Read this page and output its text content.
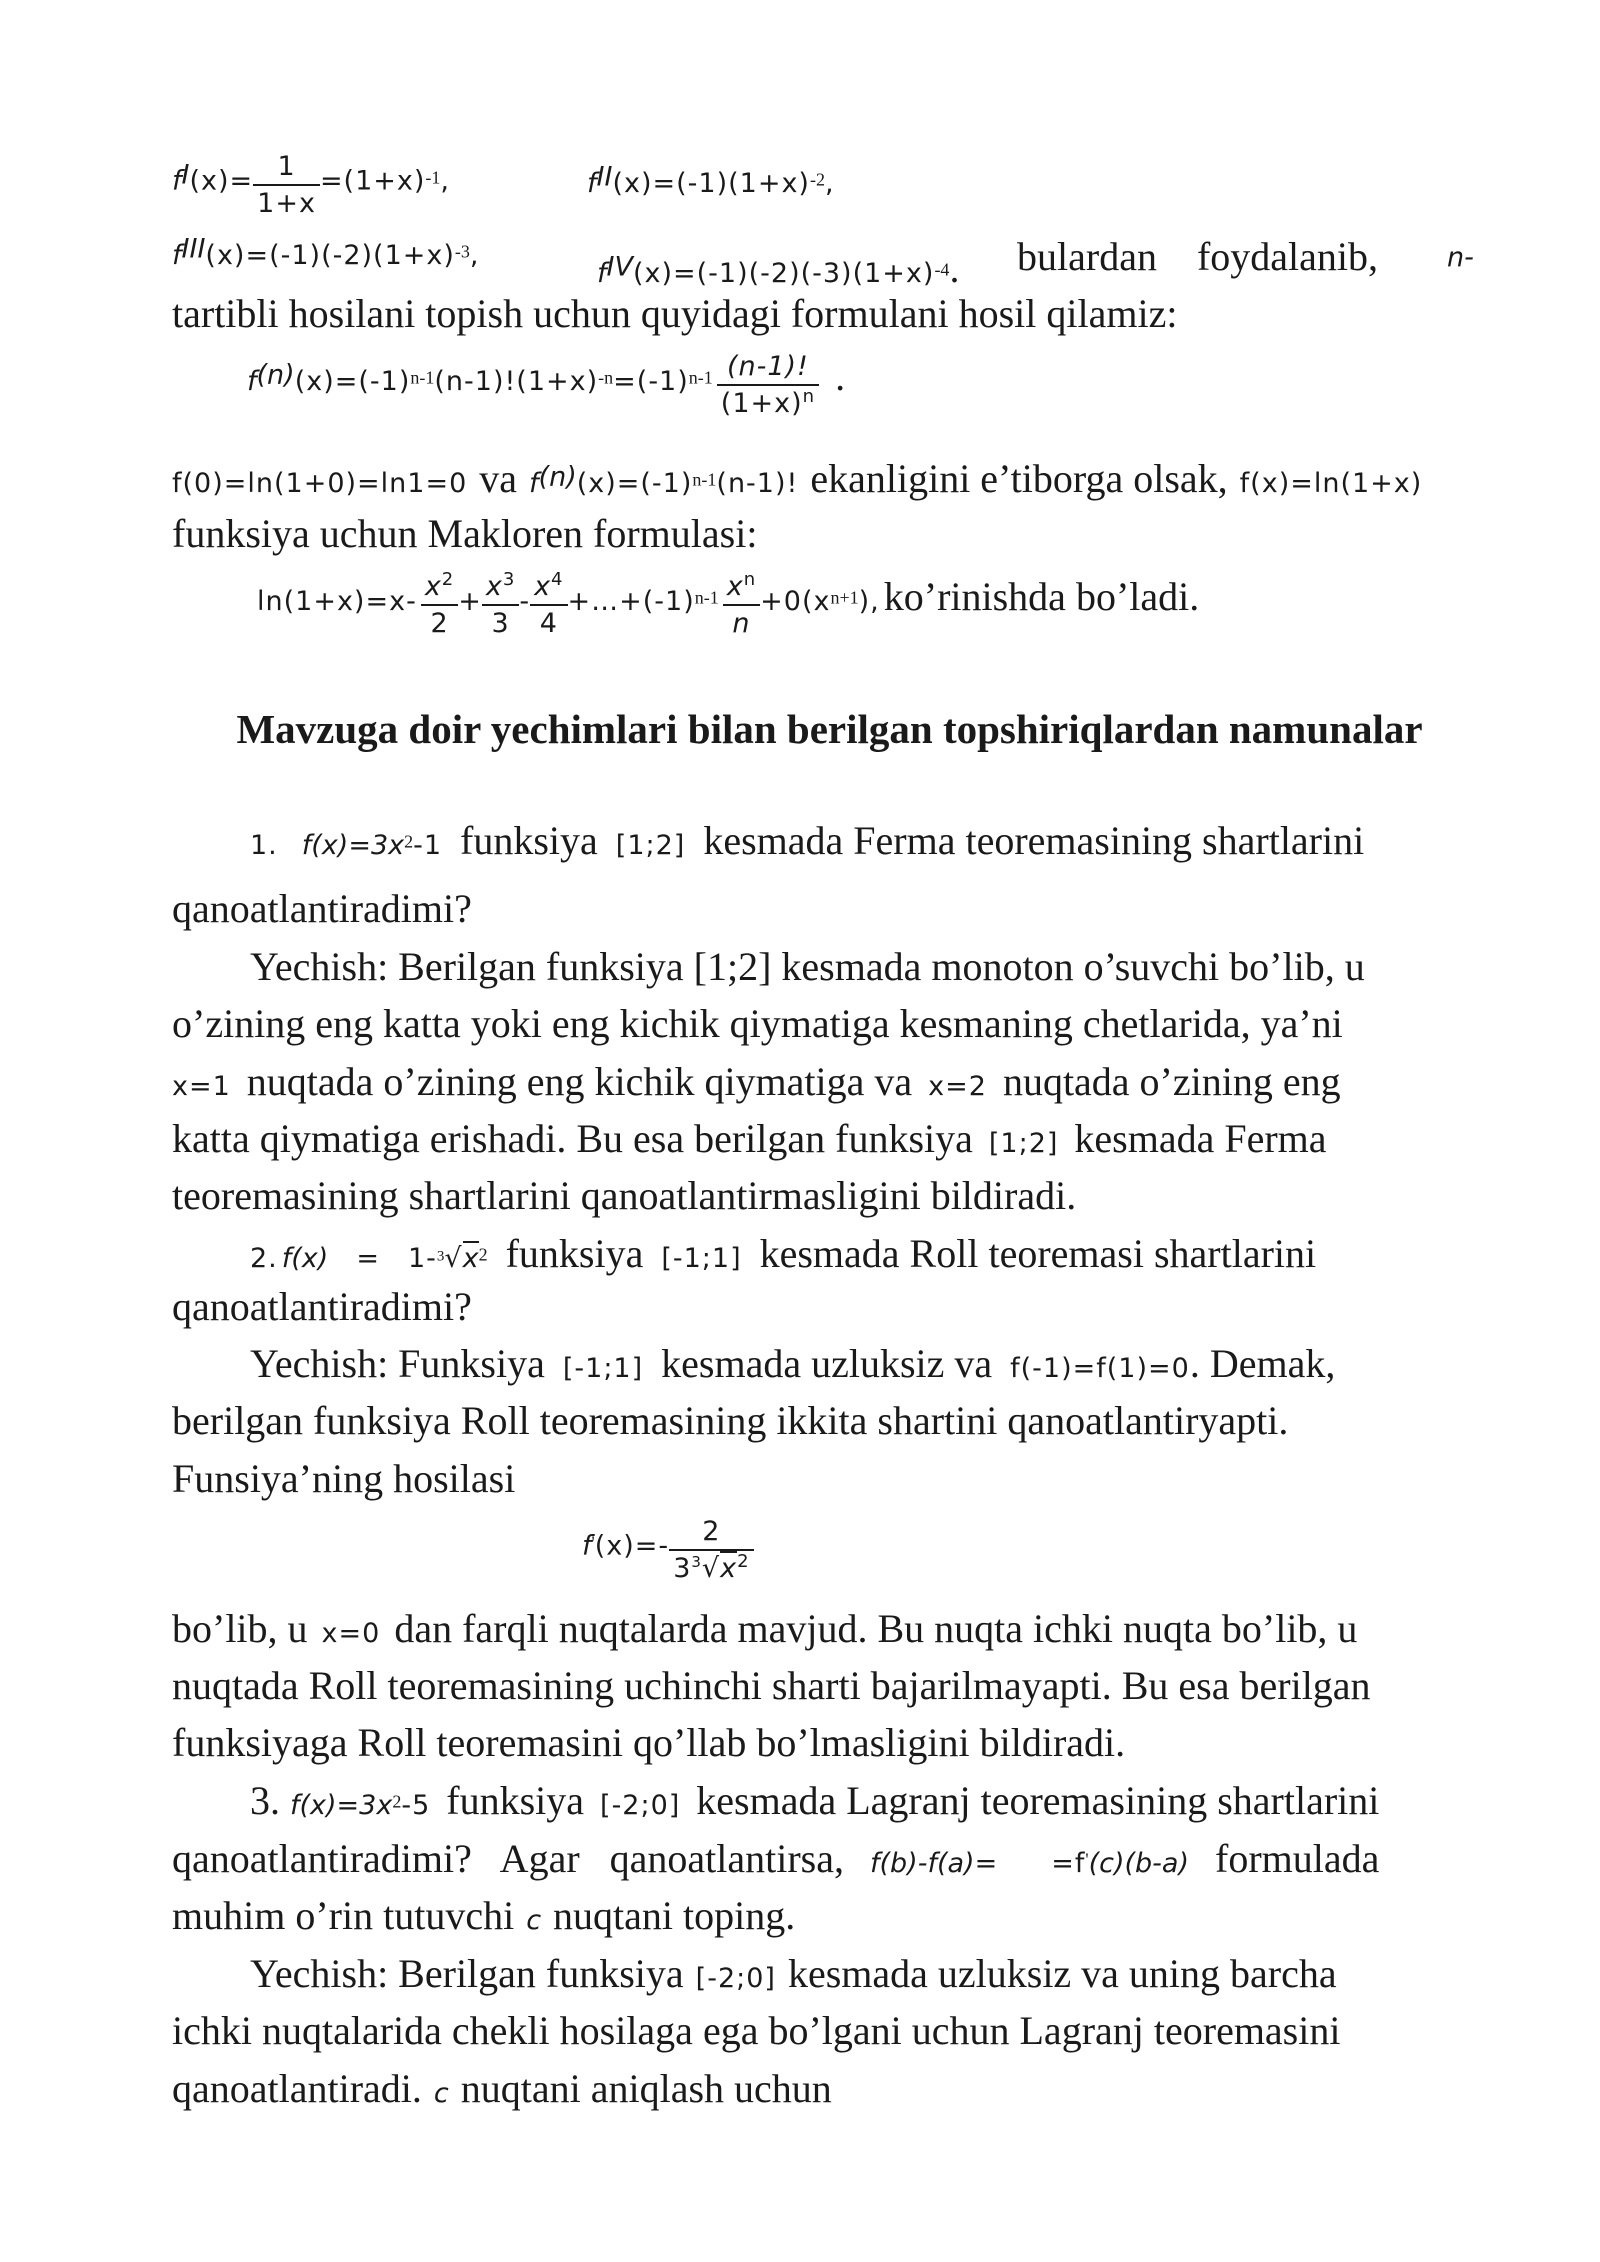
$f^I(x)= \frac{1}{1+x} =(1+x)^{-1}$,	$f^{II}(x)=(-1)(1+x)^{-2}$,
$f^{III}(x)=(-1)(-2)(1+x)^{-3}$,
$f^{IV}(x)=(-1)(-2)(-3)(1+x)^{-4}$. bulardan    foydalanib,	n-
tartibli hosilani topish uchun quyidagi formulani hosil qilamiz:
$f^{(n)}(x)=(-1)^{n-1}(n-1)!(1+x)^{-n}=(-1)^{n-1} \frac{(n-1)!}{(1+x)^n}$ .
f(0)=ln(1+0)=ln1=0 va $f^{(n)}(x)=(-1)^{n-1}(n-1)$! ekanligini e’tiborga olsak, f(x)=ln(1+x)
funksiya uchun Makloren formulasi:
$\ln(1+x)=x- \frac{x^2}{2} + \frac{x^3}{3} - \frac{x^4}{4}$ $+\dots+(-1)^{n-1} \frac{x^n}{n} +0(x^{n+1})$, ko’rinishda bo’ladi.
Mavzuga doir yechimlari bilan berilgan topshiriqlardan namunalar
1. $f(x)=3x^2-1$ funksiya [1;2] kesmada Ferma teoremasining shartlarini
qanoatlantiradimi?
Yechish: Berilgan funksiya [1;2] kesmada monoton o’suvchi bo’lib, u
o’zining eng katta yoki eng kichik qiymatiga kesmaning chetlarida, ya’ni
x=1 nuqtada o’zining eng kichik qiymatiga va x=2 nuqtada o’zining eng
katta qiymatiga erishadi. Bu esa berilgan funksiya [1;2] kesmada Ferma
teoremasining shartlarini qanoatlantirmasligini bildiradi.
2. $f(x) = 1-^3√x^2$ funksiya [-1;1] kesmada Roll teoremasi shartlarini
qanoatlantiradimi?
Yechish: Funksiya [-1;1] kesmada uzluksiz va f(-1)=f(1)=0. Demak,
berilgan funksiya Roll teoremasining ikkita shartini qanoatlantiryapti.
Funsiya’ning hosilasi
$f'(x)=- \frac{2}{3^3√x^2}$
bo’lib, u x=0 dan farqli nuqtalarda mavjud. Bu nuqta ichki nuqta bo’lib, u
nuqtada Roll teoremasining uchinchi sharti bajarilmayapti. Bu esa berilgan
funksiyaga Roll teoremasini qo’llab bo’lmasligini bildiradi.
3. $f(x)=3x^2-5$ funksiya [-2;0] kesmada Lagranj teoremasining shartlarini
qanoatlantiradimi?   Agar   qanoatlantirsa, f(b)-f(a)= =f'(c)(b-a) formulada
muhim o’rin tutuvchi c nuqtani toping.
Yechish: Berilgan funksiya [-2;0] kesmada uzluksiz va uning barcha
ichki nuqtalarida chekli hosilaga ega bo’lgani uchun Lagranj teoremasini
qanoatlantiradi. c nuqtani aniqlash uchun
